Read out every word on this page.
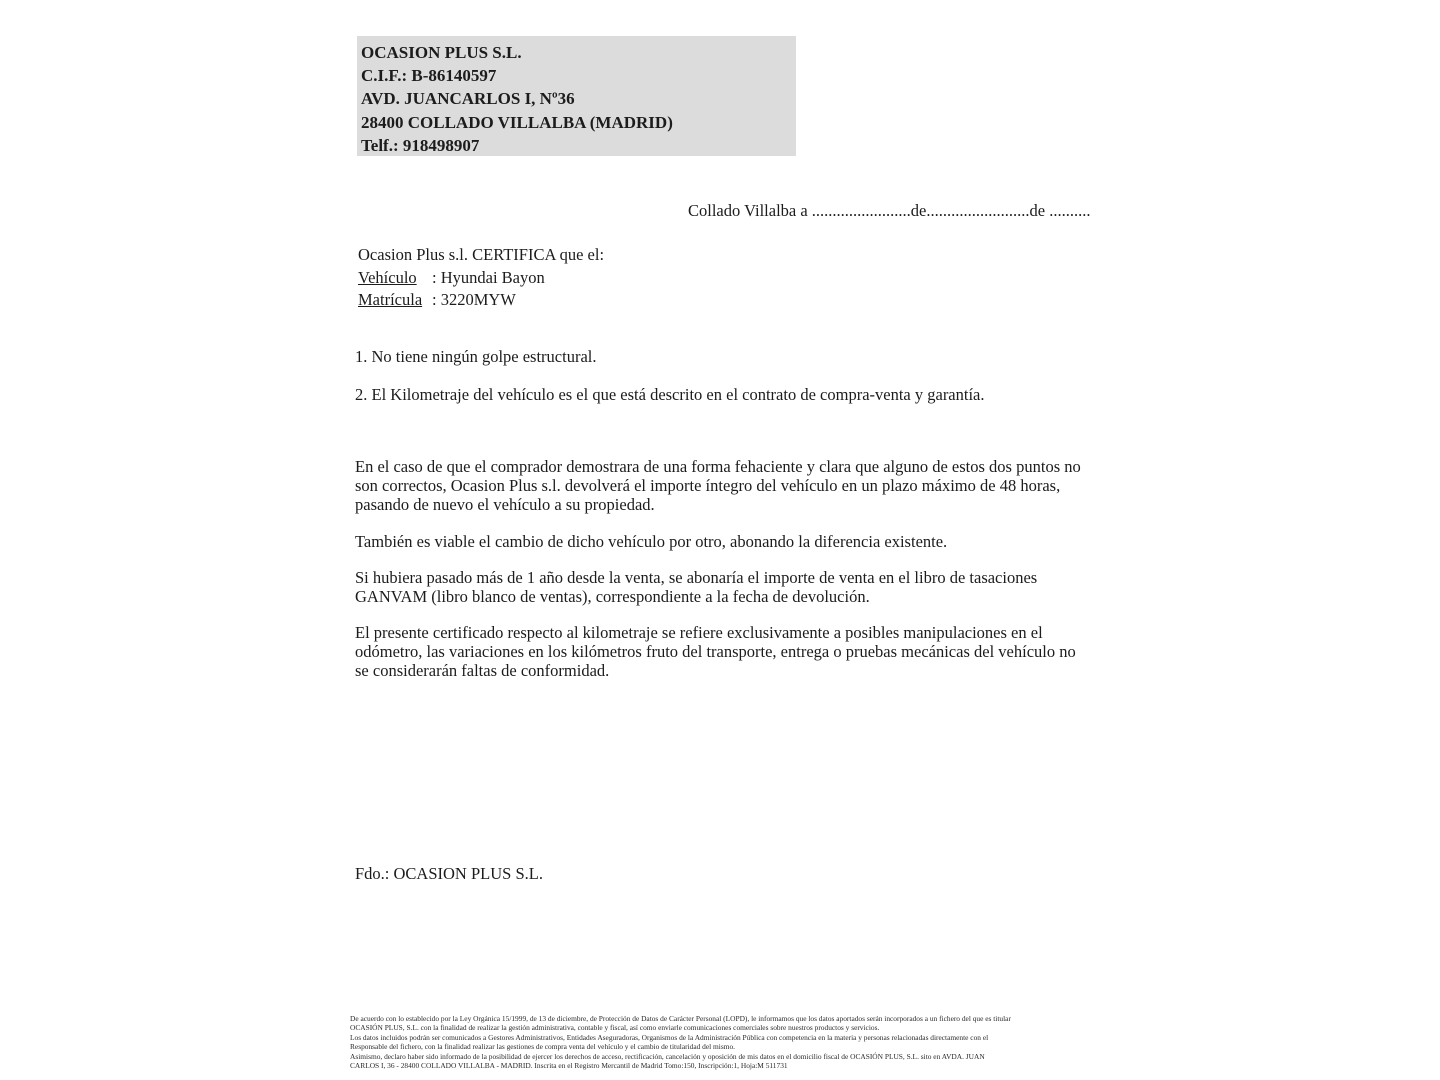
OCASION PLUS S.L.
C.I.F.: B-86140597
AVD. JUANCARLOS I, Nº36
28400 COLLADO VILLALBA (MADRID)
Telf.: 918498907
Collado Villalba a ........................de.........................de ..........
Ocasion Plus s.l. CERTIFICA que el:
Vehículo : Hyundai Bayon
Matrícula : 3220MYW
1. No tiene ningún golpe estructural.
2. El Kilometraje del vehículo es el que está descrito en el contrato de compra-venta y garantía.
En el caso de que el comprador demostrara de una forma fehaciente y clara que alguno de estos dos puntos no son correctos, Ocasion Plus s.l. devolverá el importe íntegro del vehículo en un plazo máximo de 48 horas, pasando de nuevo el vehículo a su propiedad.
También es viable el cambio de dicho vehículo por otro, abonando la diferencia existente.
Si hubiera pasado más de 1 año desde la venta, se abonaría el importe de venta en el libro de tasaciones GANVAM (libro blanco de ventas), correspondiente a la fecha de devolución.
El presente certificado respecto al kilometraje se refiere exclusivamente a posibles manipulaciones en el odómetro, las variaciones en los kilómetros fruto del transporte, entrega o pruebas mecánicas del vehículo no se considerarán faltas de conformidad.
Fdo.: OCASION PLUS S.L.
De acuerdo con lo establecido por la Ley Orgánica 15/1999, de 13 de diciembre, de Protección de Datos de Carácter Personal (LOPD), le informamos que los datos aportados serán incorporados a un fichero del que es titular
OCASIÓN PLUS, S.L. con la finalidad de realizar la gestión administrativa, contable y fiscal, así como enviarle comunicaciones comerciales sobre nuestros productos y servicios.
Los datos incluidos podrán ser comunicados a Gestores Administrativos, Entidades Aseguradoras, Organismos de la Administración Pública con competencia en la materia y personas relacionadas directamente con el
Responsable del fichero, con la finalidad realizar las gestiones de compra venta del vehículo y el cambio de titularidad del mismo.
Asimismo, declaro haber sido informado de la posibilidad de ejercer los derechos de acceso, rectificación, cancelación y oposición de mis datos en el domicilio fiscal de OCASIÓN PLUS, S.L. sito en AVDA. JUAN
CARLOS I, 36 - 28400 COLLADO VILLALBA - MADRID. Inscrita en el Registro Mercantil de Madrid Tomo:150, Inscripción:1, Hoja:M 511731
